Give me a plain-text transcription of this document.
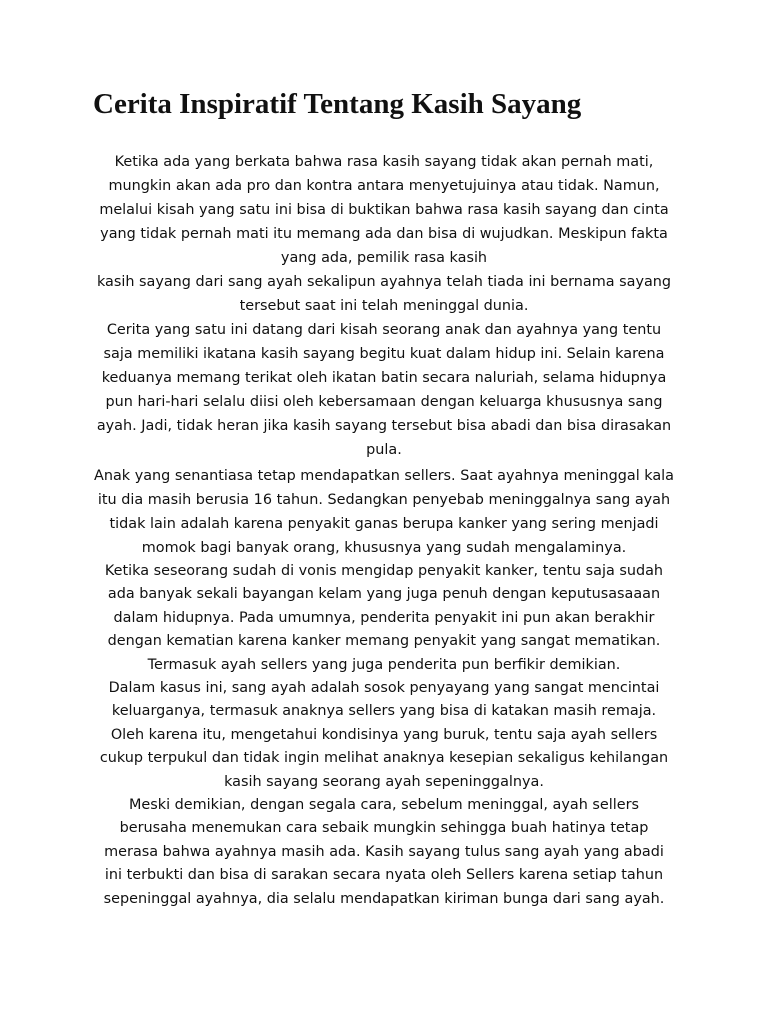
Cerita Inspiratif Tentang Kasih Sayang

Ketika ada yang berkata bahwa rasa kasih sayang tidak akan pernah mati,
mungkin akan ada pro dan kontra antara menyetujuinya atau tidak. Namun,
melalui kisah yang satu ini bisa di buktikan bahwa rasa kasih sayang dan cinta
yang tidak pernah mati itu memang ada dan bisa di wujudkan. Meskipun fakta
yang ada, pemilik rasa kasih
kasih sayang dari sang ayah sekalipun ayahnya telah tiada ini bernama sayang
tersebut saat ini telah meninggal dunia.

Cerita yang satu ini datang dari kisah seorang anak dan ayahnya yang tentu
saja memiliki ikatana kasih sayang begitu kuat dalam hidup ini. Selain karena
keduanya memang terikat oleh ikatan batin secara naluriah, selama hidupnya
pun hari-hari selalu diisi oleh kebersamaan dengan keluarga khususnya sang
ayah. Jadi, tidak heran jika kasih sayang tersebut bisa abadi dan bisa dirasakan
pula.

Anak yang senantiasa tetap mendapatkan sellers. Saat ayahnya meninggal kala
itu dia masih berusia 16 tahun. Sedangkan penyebab meninggalnya sang ayah
tidak lain adalah karena penyakit ganas berupa kanker yang sering menjadi
momok bagi banyak orang, khususnya yang sudah mengalaminya.

Ketika seseorang sudah di vonis mengidap penyakit kanker, tentu saja sudah
ada banyak sekali bayangan kelam yang juga penuh dengan keputusasaaan
dalam hidupnya. Pada umumnya, penderita penyakit ini pun akan berakhir
dengan kematian karena kanker memang penyakit yang sangat mematikan.
Termasuk ayah sellers yang juga penderita pun berfikir demikian.
Dalam kasus ini, sang ayah adalah sosok penyayang yang sangat mencintai
keluarganya, termasuk anaknya sellers yang bisa di katakan masih remaja.
Oleh karena itu, mengetahui kondisinya yang buruk, tentu saja ayah sellers
cukup terpukul dan tidak ingin melihat anaknya kesepian sekaligus kehilangan
kasih sayang seorang ayah sepeninggalnya.
Meski demikian, dengan segala cara, sebelum meninggal, ayah sellers
berusaha menemukan cara sebaik mungkin sehingga buah hatinya tetap
merasa bahwa ayahnya masih ada. Kasih sayang tulus sang ayah yang abadi
ini terbukti dan bisa di sarakan secara nyata oleh Sellers karena setiap tahun
sepeninggal ayahnya, dia selalu mendapatkan kiriman bunga dari sang ayah.
